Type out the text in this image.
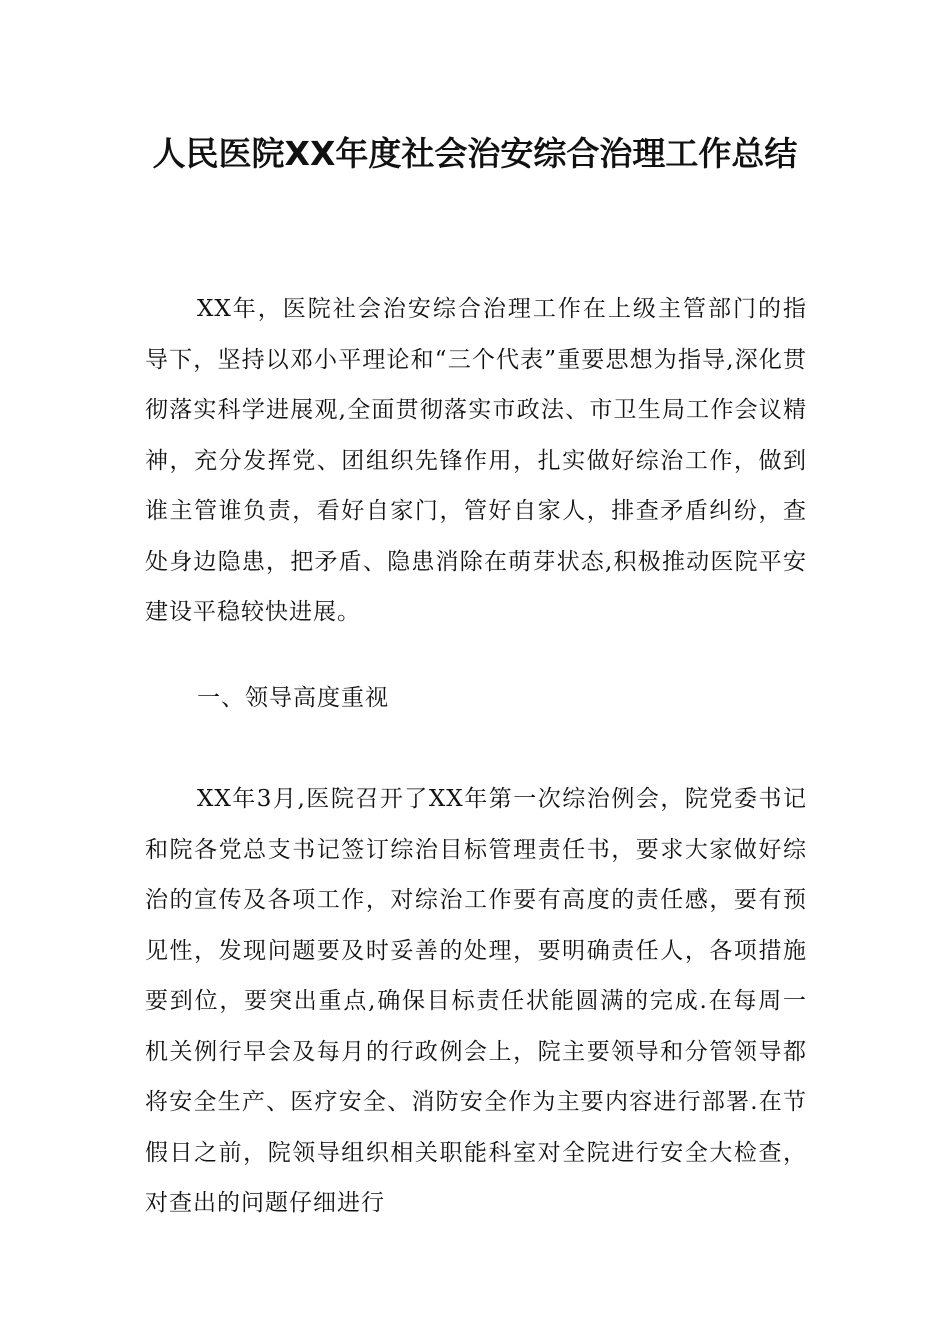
人民医院XX年度社会治安综合治理工作总结

XX年，医院社会治安综合治理工作在上级主管部门的指导下，坚持以邓小平理论和“三个代表”重要思想为指导,深化贯彻落实科学进展观,全面贯彻落实市政法、市卫生局工作会议精神，充分发挥党、团组织先锋作用，扎实做好综治工作，做到谁主管谁负责，看好自家门，管好自家人，排查矛盾纠纷，查处身边隐患，把矛盾、隐患消除在萌芽状态,积极推动医院平安建设平稳较快进展。

一、领导高度重视

XX年3月,医院召开了XX年第一次综治例会，院党委书记和院各党总支书记签订综治目标管理责任书，要求大家做好综治的宣传及各项工作，对综治工作要有高度的责任感，要有预见性，发现问题要及时妥善的处理，要明确责任人，各项措施要到位，要突出重点,确保目标责任状能圆满的完成.在每周一机关例行早会及每月的行政例会上，院主要领导和分管领导都将安全生产、医疗安全、消防安全作为主要内容进行部署.在节假日之前，院领导组织相关职能科室对全院进行安全大检查，对查出的问题仔细进行
